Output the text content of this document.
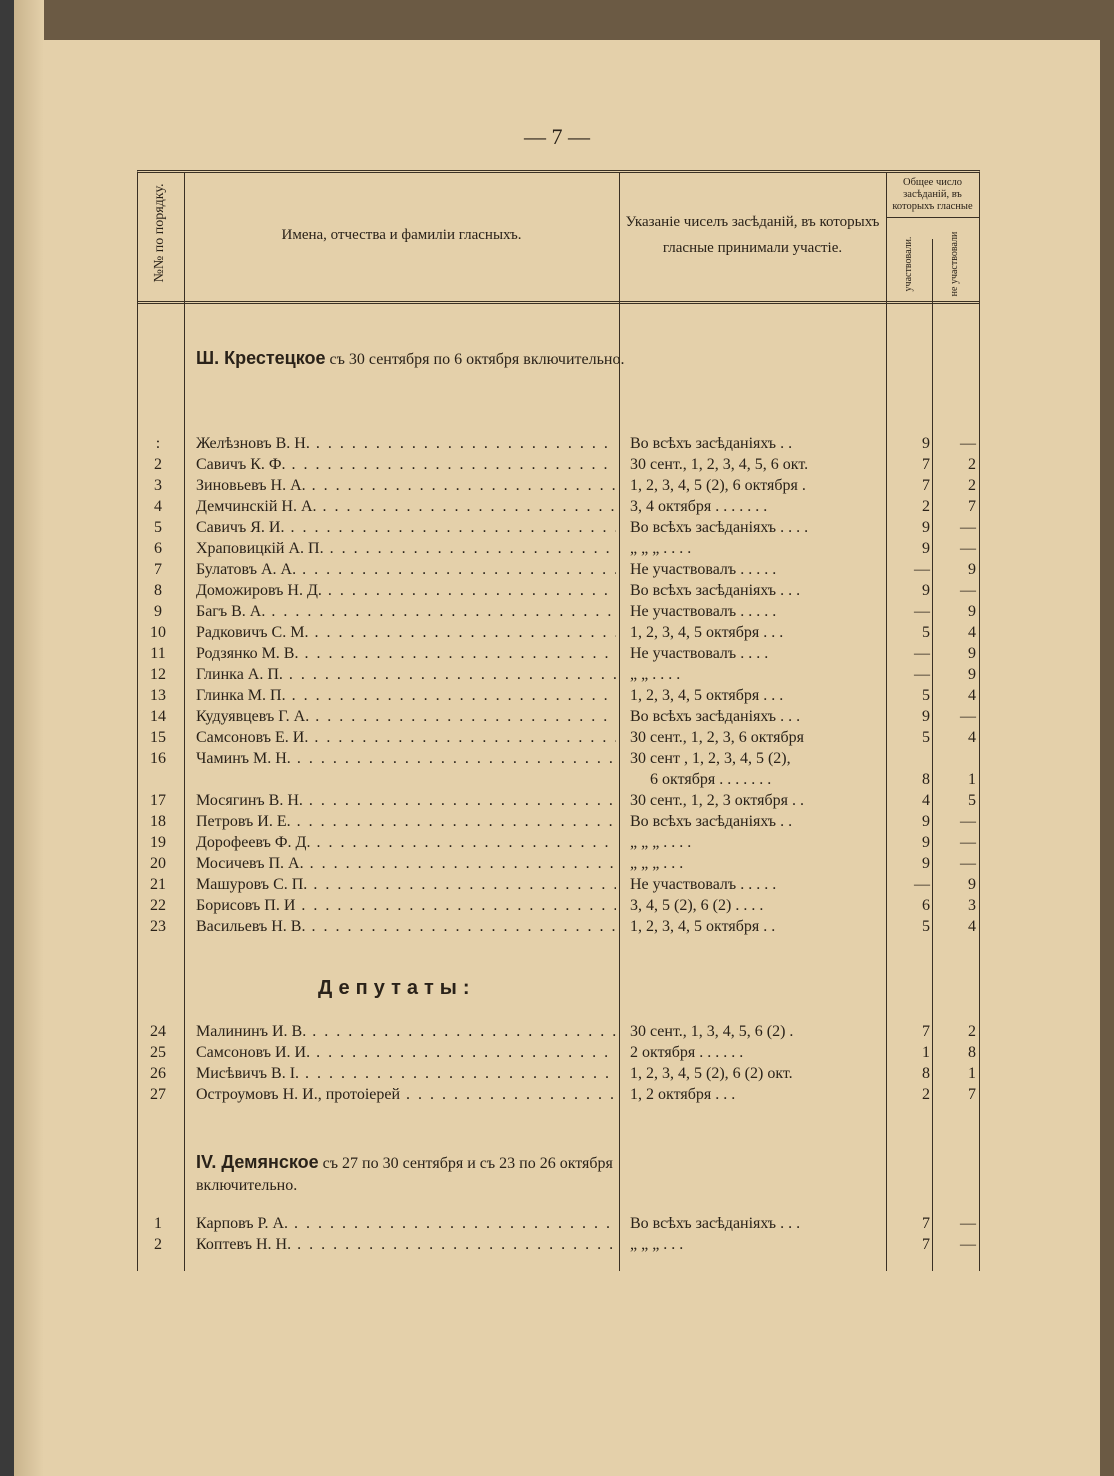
— 7 —
№№ по порядку.	Имена, отчества и фамилiи гласныхъ.
Указанiе чиселъ засѣданiй, въ которыхъ гласные принимали участiе.
Общее число засѣданiй, въ которыхъ гласные
участвовали.	не участвовали
Ш. Крестецкое съ 30 сентября по 6 октября включительно.
:	Желѣзновъ В. Н. . . .	Во всѣхъ засѣданiяхъ . .	9	—
2	Савичъ К. Ф. . . .	30 сент., 1, 2, 3, 4, 5, 6 окт.	7	2
3	Зиновьевъ Н. А. . . .	1, 2, 3, 4, 5 (2), 6 октября .	7	2
4	Демчинскiй Н. А. . . .	3, 4 октября . . . . . . .	2	7
5	Савичъ Я. И. . . .	Во всѣхъ засѣданiяхъ . . . .	9	—
6	Храповицкiй А. П. . . .	„ „ „ . . . .	9	—
7	Булатовъ А. А. . . .	Не участвовалъ . . . . .	—	9
8	Доможировъ Н. Д. . . .	Во всѣхъ засѣданiяхъ . . .	9	—
9	Багъ В. А. . . .	Не участвовалъ . . . . .	—	9
10	Радковичъ С. М. . . .	1, 2, 3, 4, 5 октября . . .	5	4
11	Родзянко М. В. . . .	Не участвовалъ . . . .	—	9
12	Глинка А. П. . . .	„ „ . . . .	—	9
13	Глинка М. П. . . .	1, 2, 3, 4, 5 октября . . .	5	4
14	Кудуявцевъ Г. А. . . .	Во всѣхъ засѣданiяхъ . . .	9	—
15	Самсоновъ Е. И. . . .	30 сент., 1, 2, 3, 6 октября	5	4
16	Чаминъ М. Н. . . .	30 сент , 1, 2, 3, 4, 5 (2),
6 октября . . . . . . .	8	1
17	Мосягинъ В. Н. . . .	30 сент., 1, 2, 3 октября . .	4	5
18	Петровъ И. Е. . . .	Во всѣхъ засѣданiяхъ . .	9	—
19	Дорофеевъ Ф. Д. . . .	„ „ „ . . . .	9	—
20	Мосичевъ П. А. . . .	„ „ „ . . .	9	—
21	Машуровъ С. П. . . .	Не участвовалъ . . . . .	—	9
22	Борисовъ П. И . . .	3, 4, 5 (2), 6 (2) . . . .	6	3
23	Васильевъ Н. В. . . .	1, 2, 3, 4, 5 октября . .	5	4
Депутаты:
24	Малининъ И. В. . . .	30 сент., 1, 3, 4, 5, 6 (2) .	7	2
25	Самсоновъ И. И. . . .	2 октября . . . . . .	1	8
26	Мисѣвичъ В. I. . . .	1, 2, 3, 4, 5 (2), 6 (2) окт.	8	1
27	Остроумовъ Н. И., протоiерей . . .	1, 2 октября . . .	2	7
IV. Демянское съ 27 по 30 сентября и съ 23 по 26 октября включительно.
1	Карповъ Р. А. . . .	Во всѣхъ засѣданiяхъ . . .	7	—
2	Коптевъ Н. Н. . . .	„ „ „ . . .	7	—
